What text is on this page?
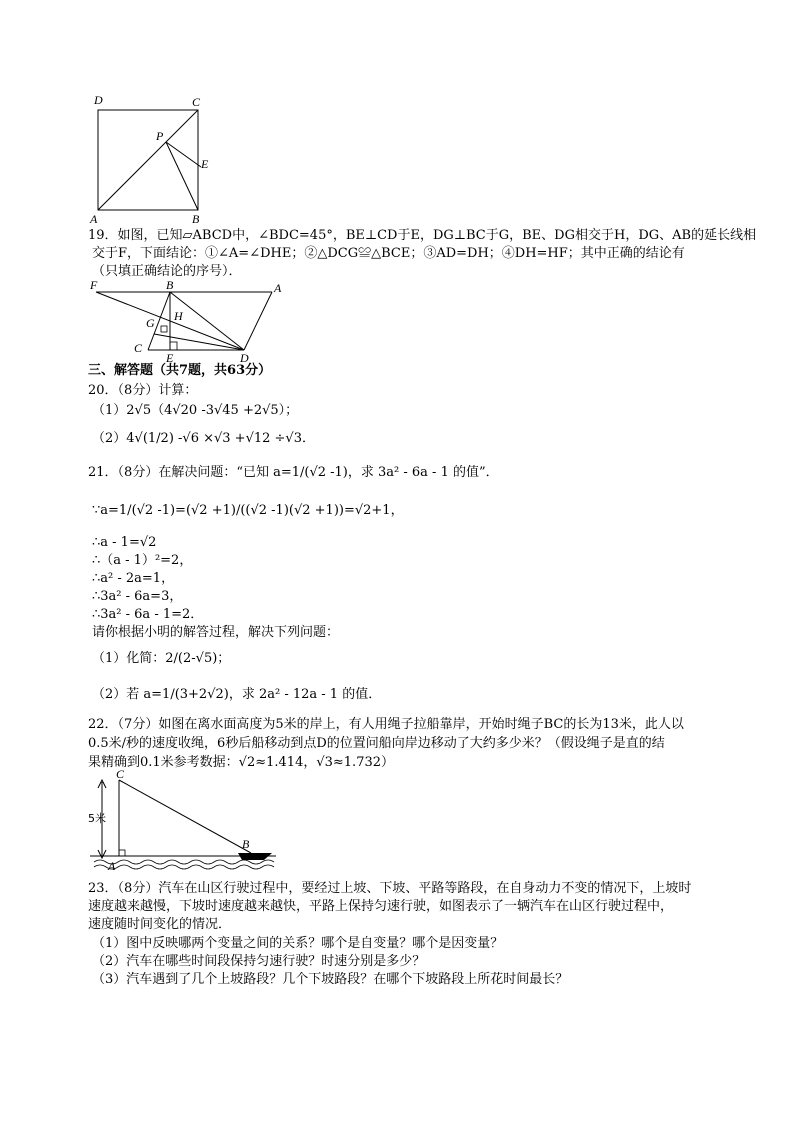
D	C
P
E
A	B
19．如图，已知▱ABCD中，∠BDC=45°，BE⊥CD于E，DG⊥BC于G，BE、DG相交于H，DG、AB的延长线相
交于F，下面结论：①∠A=∠DHE；②△DCG≌△BCE；③AD=DH；④DH=HF；其中正确的结论有
（只填正确结论的序号）．
F	B	A
G H
C
E	D
三、解答题（共7题，共63分）
20．（8分）计算：
（1）2√5（4√20 -3√45 +2√5）；
（2）4√(1/2) -√6 ×√3 +√12 ÷√3．
21．（8分）在解决问题：“已知 a=1/(√2 -1)，求 3a² - 6a - 1 的值”．
∵a=1/(√2 -1)=(√2 +1)/((√2 -1)(√2 +1))=√2+1，
∴a - 1=√2
∴（a - 1）²=2，
∴a² - 2a=1，
∴3a² - 6a=3，
∴3a² - 6a - 1=2．
请你根据小明的解答过程，解决下列问题：
（1）化简：2/(2-√5)；
（2）若 a=1/(3+2√2)，求 2a² - 12a - 1 的值．
22．（7分）如图在离水面高度为5米的岸上，有人用绳子拉船靠岸，开始时绳子BC的长为13米，此人以
0.5米/秒的速度收绳，6秒后船移动到点D的位置问船向岸边移动了大约多少米？（假设绳子是直的结
果精确到0.1米参考数据：√2≈1.414，√3≈1.732）
C
5米
A
B
23．（8分）汽车在山区行驶过程中，要经过上坡、下坡、平路等路段，在自身动力不变的情况下，上坡时
速度越来越慢，下坡时速度越来越快，平路上保持匀速行驶，如图表示了一辆汽车在山区行驶过程中，
速度随时间变化的情况．
（1）图中反映哪两个变量之间的关系？哪个是自变量？哪个是因变量？
（2）汽车在哪些时间段保持匀速行驶？时速分别是多少？
（3）汽车遇到了几个上坡路段？几个下坡路段？在哪个下坡路段上所花时间最长？
